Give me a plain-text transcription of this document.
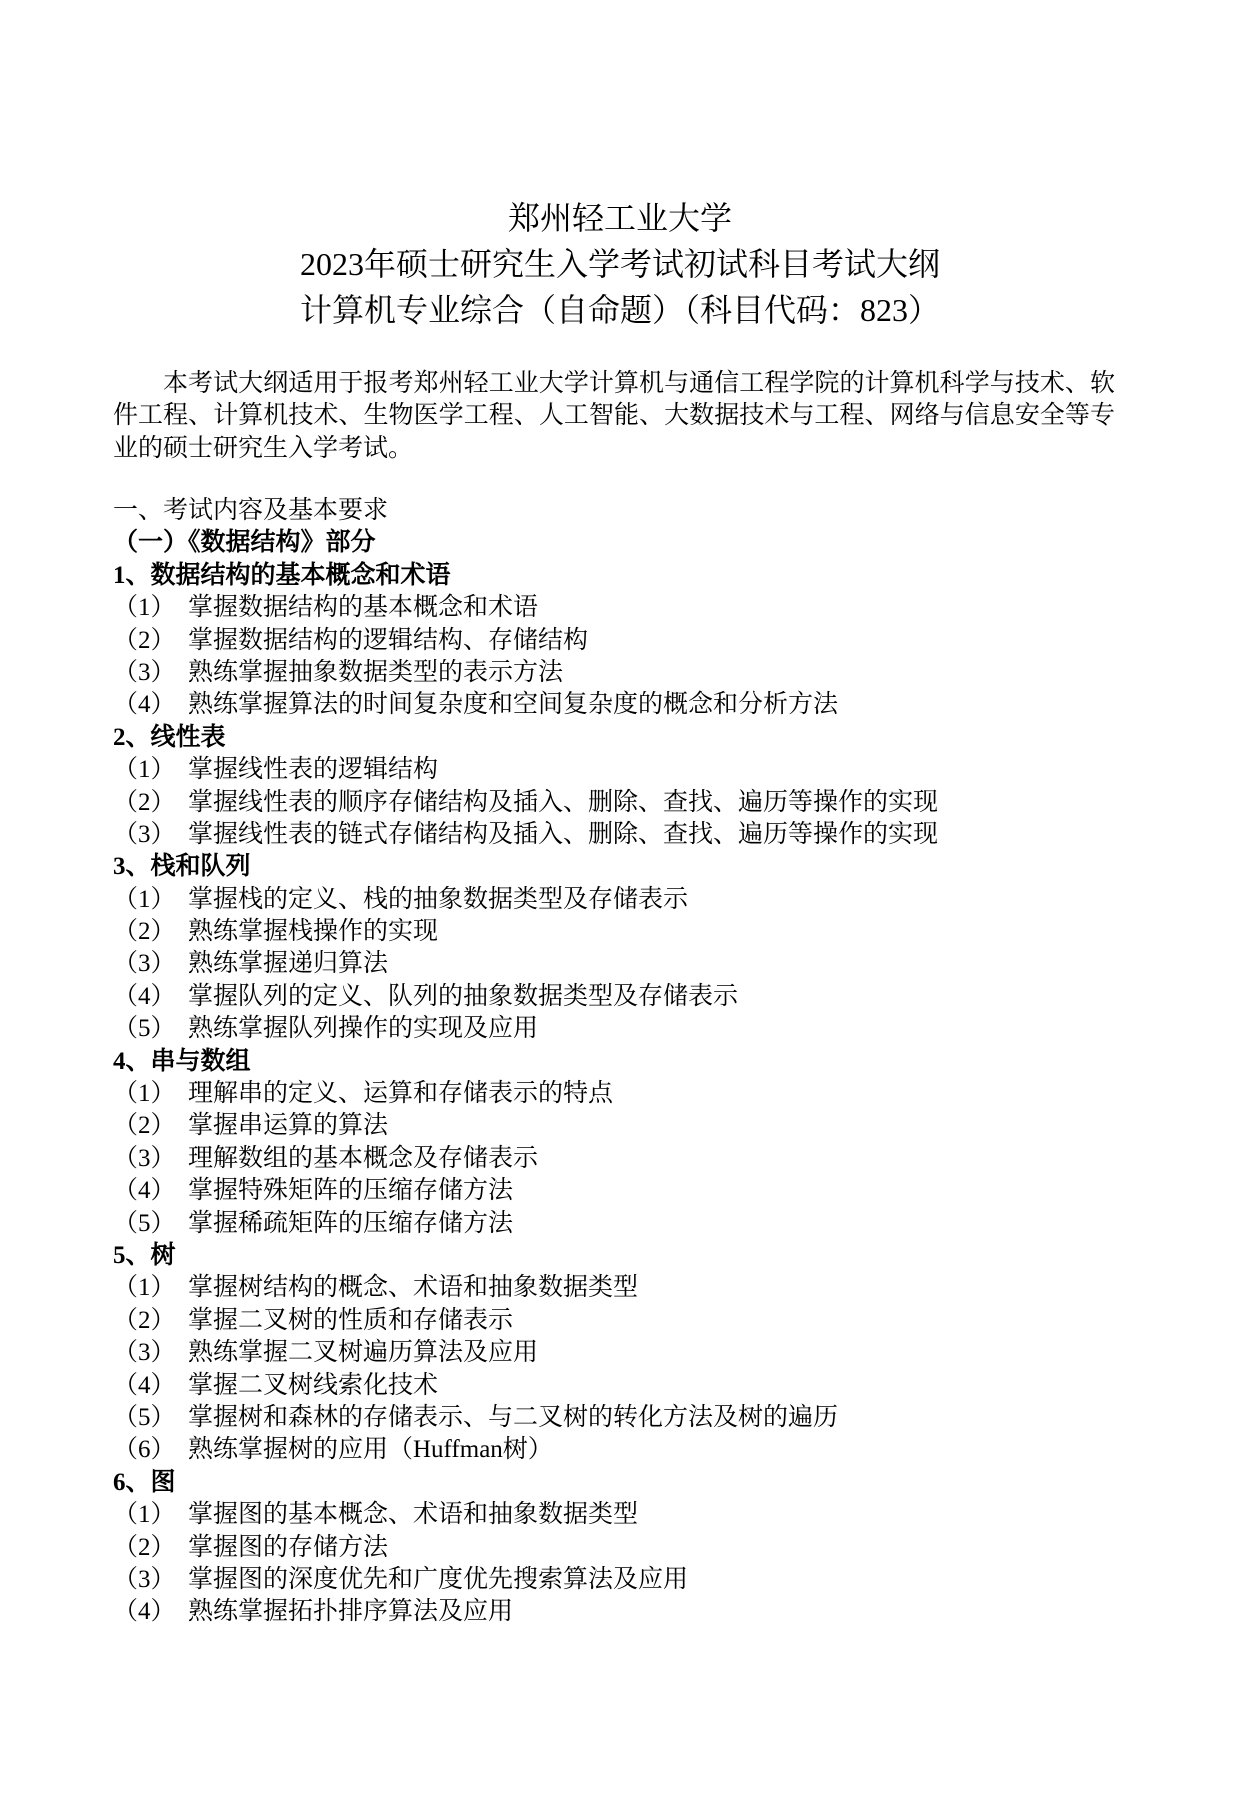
郑州轻工业大学
2023年硕士研究生入学考试初试科目考试大纲
计算机专业综合（自命题）（科目代码：823）

本考试大纲适用于报考郑州轻工业大学计算机与通信工程学院的计算机科学与技术、软件工程、计算机技术、生物医学工程、人工智能、大数据技术与工程、网络与信息安全等专业的硕士研究生入学考试。

一、考试内容及基本要求
（一）《数据结构》部分
1、数据结构的基本概念和术语
（1） 掌握数据结构的基本概念和术语
（2） 掌握数据结构的逻辑结构、存储结构
（3） 熟练掌握抽象数据类型的表示方法
（4） 熟练掌握算法的时间复杂度和空间复杂度的概念和分析方法
2、线性表
（1） 掌握线性表的逻辑结构
（2） 掌握线性表的顺序存储结构及插入、删除、查找、遍历等操作的实现
（3） 掌握线性表的链式存储结构及插入、删除、查找、遍历等操作的实现
3、栈和队列
（1） 掌握栈的定义、栈的抽象数据类型及存储表示
（2） 熟练掌握栈操作的实现
（3） 熟练掌握递归算法
（4） 掌握队列的定义、队列的抽象数据类型及存储表示
（5） 熟练掌握队列操作的实现及应用
4、串与数组
（1） 理解串的定义、运算和存储表示的特点
（2） 掌握串运算的算法
（3） 理解数组的基本概念及存储表示
（4） 掌握特殊矩阵的压缩存储方法
（5） 掌握稀疏矩阵的压缩存储方法
5、树
（1） 掌握树结构的概念、术语和抽象数据类型
（2） 掌握二叉树的性质和存储表示
（3） 熟练掌握二叉树遍历算法及应用
（4） 掌握二叉树线索化技术
（5） 掌握树和森林的存储表示、与二叉树的转化方法及树的遍历
（6） 熟练掌握树的应用（Huffman树）
6、图
（1） 掌握图的基本概念、术语和抽象数据类型
（2） 掌握图的存储方法
（3） 掌握图的深度优先和广度优先搜索算法及应用
（4） 熟练掌握拓扑排序算法及应用
